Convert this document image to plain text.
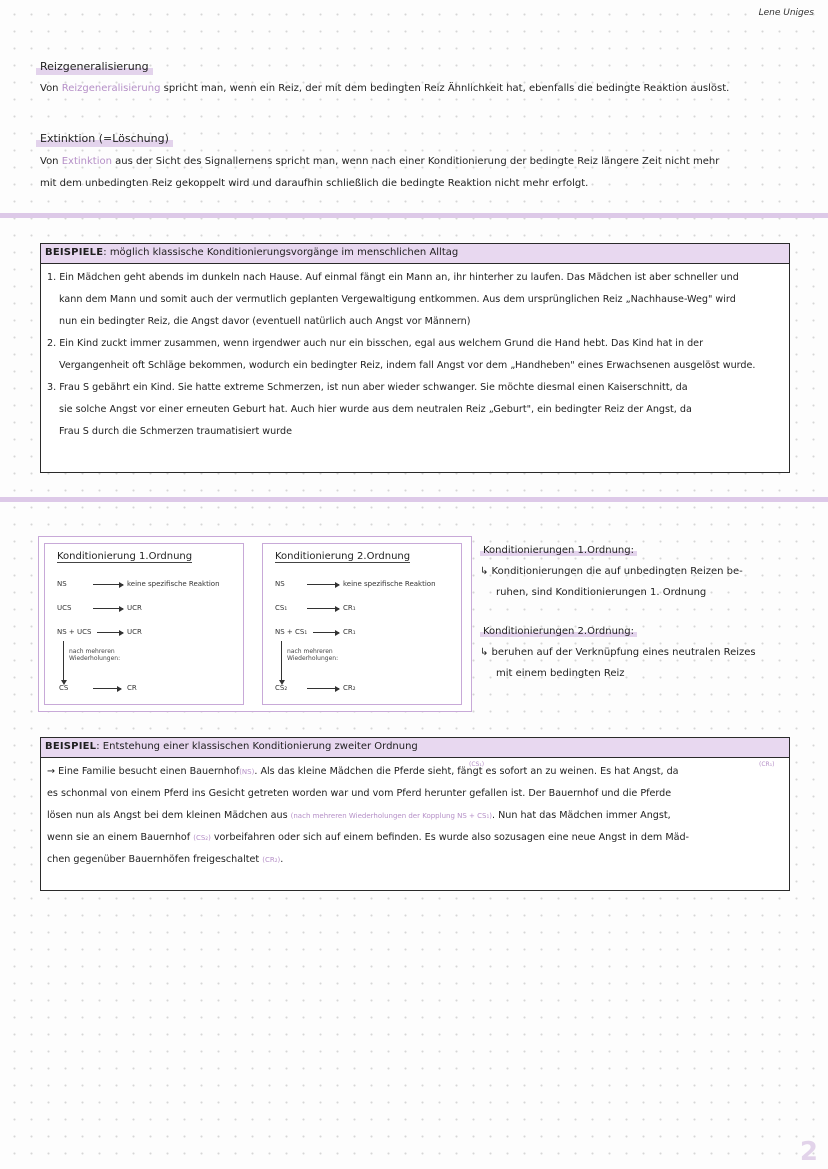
Lene Uniges
Reizgeneralisierung
Von Reizgeneralisierung spricht man, wenn ein Reiz, der mit dem bedingten Reiz Ähnlichkeit hat, ebenfalls die bedingte Reaktion auslöst.
Extinktion (=Löschung)
Von Extinktion aus der Sicht des Signallernens spricht man, wenn nach einer Konditionierung der bedingte Reiz längere Zeit nicht mehr
mit dem unbedingten Reiz gekoppelt wird und daraufhin schließlich die bedingte Reaktion nicht mehr erfolgt.
BEISPIELE: möglich klassische Konditionierungsvorgänge im menschlichen Alltag
1. Ein Mädchen geht abends im dunkeln nach Hause. Auf einmal fängt ein Mann an, ihr hinterher zu laufen. Das Mädchen ist aber schneller und
kann dem Mann und somit auch der vermutlich geplanten Vergewaltigung entkommen. Aus dem ursprünglichen Reiz „Nachhause-Weg" wird
nun ein bedingter Reiz, die Angst davor (eventuell natürlich auch Angst vor Männern)
2. Ein Kind zuckt immer zusammen, wenn irgendwer auch nur ein bisschen, egal aus welchem Grund die Hand hebt. Das Kind hat in der
Vergangenheit oft Schläge bekommen, wodurch ein bedingter Reiz, indem fall Angst vor dem „Handheben" eines Erwachsenen ausgelöst wurde.
3. Frau S gebährt ein Kind. Sie hatte extreme Schmerzen, ist nun aber wieder schwanger. Sie möchte diesmal einen Kaiserschnitt, da
sie solche Angst vor einer erneuten Geburt hat. Auch hier wurde aus dem neutralen Reiz „Geburt", ein bedingter Reiz der Angst, da
Frau S durch die Schmerzen traumatisiert wurde
Konditionierung 1.Ordnung
NS	keine spezifische Reaktion
UCS	UCR
NS + UCS	UCR
nach mehreren Wiederholungen:
CS	CR
Konditionierung 2.Ordnung
NS	keine spezifische Reaktion
CS₁	CR₁
NS + CS₁	CR₁
nach mehreren Wiederholungen:
CS₂	CR₂
Konditionierungen 1.Ordnung:
↳ Konditionierungen die auf unbedingten Reizen be-
ruhen, sind Konditionierungen 1. Ordnung
Konditionierungen 2.Ordnung:
↳ beruhen auf der Verknüpfung eines neutralen Reizes
mit einem bedingten Reiz
BEISPIEL: Entstehung einer klassischen Konditionierung zweiter Ordnung
(CS₁)	(CR₁)
→ Eine Familie besucht einen Bauernhof(NS). Als das kleine Mädchen die Pferde sieht, fängt es sofort an zu weinen. Es hat Angst, da
es schonmal von einem Pferd ins Gesicht getreten worden war und vom Pferd herunter gefallen ist. Der Bauernhof und die Pferde
lösen nun als Angst bei dem kleinen Mädchen aus (nach mehreren Wiederholungen der Kopplung NS + CS₁). Nun hat das Mädchen immer Angst,
wenn sie an einem Bauernhof (CS₂) vorbeifahren oder sich auf einem befinden. Es wurde also sozusagen eine neue Angst in dem Mäd-
chen gegenüber Bauernhöfen freigeschaltet (CR₂).
2
